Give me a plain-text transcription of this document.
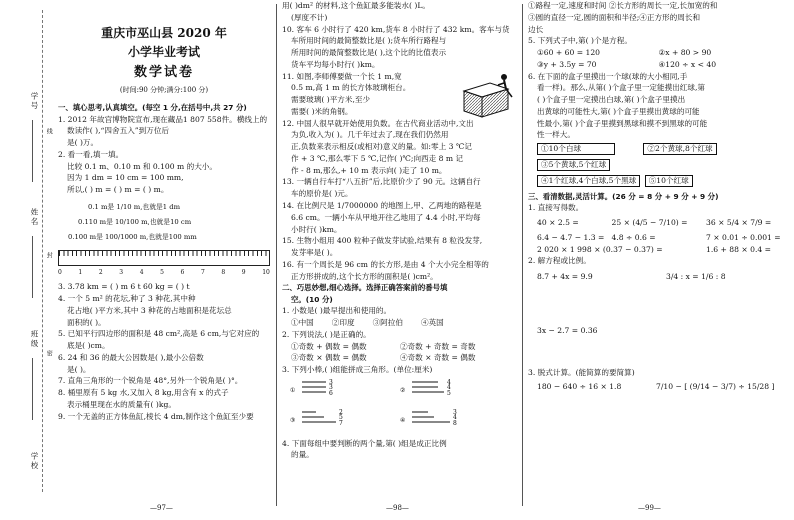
学号
姓名
班级
学校
线
封
密
重庆市巫山县 2020 年
小学毕业考试
数学试卷
(时间:90 分钟;满分:100 分)

一、填心思考,认真填空。(每空 1 分,在括号中,共 27 分)

1. 2012 年故宫博物院宣布,现在藏品1 807 558件。横线上的

数读作( ),“四舍五入”到万位后

是( )万。

2. 看一看,填一填。

比较 0.1 m、0.10 m 和 0.100 m 的大小。

因为 1 dm = 10 cm = 100 mm,

所以,( ) m = ( ) m = ( ) m。

0.1 m是 1/10 m,也就是1 dm
0.110 m是 10/100 m,也就是10 cm
0.100 m是 100/1000 m,也就是100 mm
0	1	2	3	4	5	6	7	8	9	10

3. 3.78 km = ( ) m 6 t 60 kg = ( ) t

4. 一个 5 m² 的花坛,种了 3 种花,其中种

花占地( )平方米,其中 3 种花的占地面积是花坛总

面积的( )。

5. 已知平行四边形的面积是 48 cm²,高是 6 cm,与它对应的

底是( )cm。

6. 24 和 36 的最大公因数是( ),最小公倍数

是( )。

7. 直角三角形的一个锐角是 48°,另外一个锐角是( )°。

8. 桶里原有 5 kg 水,又加入 8 kg,用含有 x 的式子

表示桶里现在水的质量有( )kg。

9. 一个无盖的正方体鱼缸,棱长 4 dm,制作这个鱼缸至少要

—97—

用( )dm² 的材料,这个鱼缸最多能装水( )L。

(厚度不计)

10. 客车 6 小时行了 420 km,货车 8 小时行了 432 km。客车与货

车所用时间的最简整数比是( );货车所行路程与

所用时间的最简整数比是( ),这个比的比值表示

货车平均每小时行( )km。

11. 如图,李师傅要做一个长 1 m,宽

0.5 m,高 1 m 的长方体玻璃柜台。

需要玻璃( )平方米,至少

需要( )米的角钢。

12. 中国人很早就开始使用负数。在古代商业活动中,文出

为负,收入为( )。几千年过去了,现在我们仍然用

正,负数来表示相反(或相对)意义的量。如:零上 3 ℃记

作 + 3 ℃,那么零下 5 ℃,记作( )℃;向西走 8 m 记

作 - 8 m,那么,+ 10 m 表示向( )走了 10 m。

13. 一辆自行车打“八五折”后,比原价少了 90 元。这辆自行

车的原价是( )元。

14. 在比例尺是 1/7000000 的地图上,甲、乙两地的路程是

6.6 cm。一辆小车从甲地开往乙地用了 4.4 小时,平均每

小时行( )km。

15. 生物小组用 400 粒种子做发芽试验,结果有 8 粒没发芽,

发芽率是( )。

16. 有一个周长是 96 cm 的长方形,是由 4 个大小完全相等的

正方形拼成的,这个长方形的面积是( )cm²。

二、巧思妙想,细心选择。选择正确答案前的番号填

空。(10 分)

1. 小数是( )最早提出和使用的。

①中国 ②印度 ③阿拉伯 ④英国

2. 下列说法,( )是正确的。

①奇数 + 偶数 = 偶数	②奇数 + 奇数 = 奇数

③奇数 × 偶数 = 偶数	④奇数 × 奇数 = 偶数

3. 下列小棒,( )组能拼成三角形。(单位:厘米)

①
3
3
6	②
4
4
5
③
2
5
7	④
3
4
8

4. 下面每组中要判断的两个量,第( )组是成正比例

的量。

—98—

①路程一定,速度和时间 ②长方形的周长一定,长加宽的和

③圆的直径一定,圆的面积和半径;④正方形的周长和

边长

5. 下列式子中,第( )个是方程。

①60 + 60 = 120	②x + 80 > 90

③y + 3.5y = 70	④120 ÷ x < 40

6. 在下面的盒子里摸出一个球(球的大小相同,手

看一样)。那么,从第( )个盒子里一定能摸出红球,第

( )个盒子里一定摸出白球,第( )个盒子里摸出

出黄球的可能性大,第( )个盒子里摸出黄球的可能

性最小,第( )个盒子里摸到黑球和摸不到黑球的可能

性一样大。

①10个白球	②2个黄球,8个红球
③5个黄球,5个红球
④1个红球,4个白球,5个黑球 ⑤10个红球

三、看清数据,灵活计算。(26 分 = 8 分 + 9 分 + 9 分)

1. 直接写得数。

40 × 2.5 =	25 × (4/5 − 7/10) =	36 × 5/4 × 7/9 =
6.4 − 4.7 − 1.3 = 4.8 ÷ 0.6 =	7 × 0.01 ÷ 0.001 =
2 020 × 1 998 × (0.37 − 0.37) =	1.6 + 88 × 0.4 =

2. 解方程或比例。

8.7 + 4x = 9.9	3/4 : x = 1/6 : 8

3x − 2.7 = 0.36

3. 脱式计算。(能简算的要简算)

180 − 640 ÷ 16 × 1.8	7/10 − [ (9/14 − 3/7) ÷ 15/28 ]
—99—
